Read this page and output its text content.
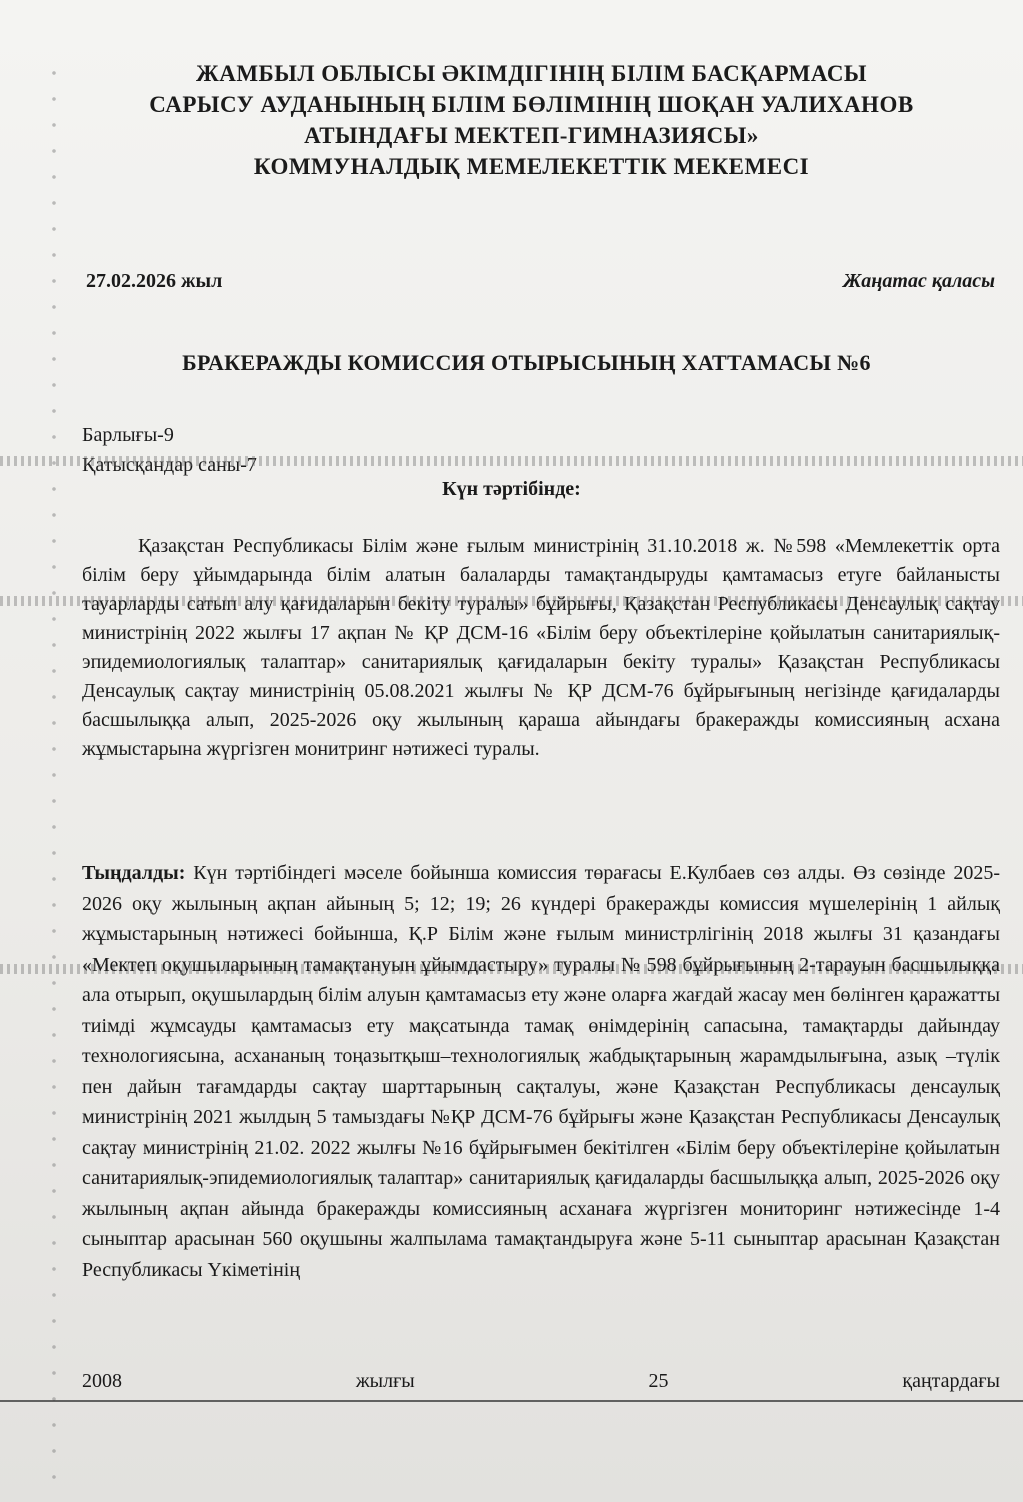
ЖАМБЫЛ ОБЛЫСЫ ӘКІМДІГІНІҢ БІЛІМ БАСҚАРМАСЫ
САРЫСУ АУДАНЫНЫҢ БІЛІМ БӨЛІМІНІҢ ШОҚАН УАЛИХАНОВ
АТЫНДАҒЫ МЕКТЕП-ГИМНАЗИЯСЫ»
КОММУНАЛДЫҚ МЕМЕЛЕКЕТТІК МЕКЕМЕСІ
27.02.2026 жыл	Жаңатас қаласы
БРАКЕРАЖДЫ КОМИССИЯ ОТЫРЫСЫНЫҢ ХАТТАМАСЫ №6
Барлығы-9
Қатысқандар саны-7
Күн тәртібінде:
Қазақстан Республикасы Білім және ғылым министрінің 31.10.2018 ж. №598 «Мемлекеттік орта білім беру ұйымдарында білім алатын балаларды тамақтандыруды қамтамасыз етуге байланысты тауарларды сатып алу қағидаларын бекіту туралы» бұйрығы, Қазақстан Республикасы Денсаулық сақтау министрінің 2022 жылғы 17 ақпан № ҚР ДСМ-16 «Білім беру объектілеріне қойылатын санитариялық-эпидемиологиялық талаптар» санитариялық қағидаларын бекіту туралы» Қазақстан Республикасы Денсаулық сақтау министрінің 05.08.2021 жылғы № ҚР ДСМ-76 бұйрығының негізінде қағидаларды басшылыққа алып, 2025-2026 оқу жылының қараша айындағы бракеражды комиссияның асхана жұмыстарына жүргізген монитринг нәтижесі туралы.
Тыңдалды: Күн тәртібіндегі мәселе бойынша комиссия төрағасы Е.Кулбаев сөз алды. Өз сөзінде 2025-2026 оқу жылының ақпан айының 5; 12; 19; 26 күндері бракеражды комиссия мүшелерінің 1 айлық жұмыстарының нәтижесі бойынша, Қ.Р Білім және ғылым министрлігінің 2018 жылғы 31 қазандағы «Мектеп оқушыларының тамақтануын ұйымдастыру» туралы № 598 бұйрығының 2-тарауын басшылыққа ала отырып, оқушылардың білім алуын қамтамасыз ету және оларға жағдай жасау мен бөлінген қаражатты тиімді жұмсауды қамтамасыз ету мақсатында тамақ өнімдерінің сапасына, тамақтарды дайындау технологиясына, асхананың тоңазытқыш–технологиялық жабдықтарының жарамдылығына, азық –түлік пен дайын тағамдарды сақтау шарттарының сақталуы, және Қазақстан Республикасы денсаулық министрінің 2021 жылдың 5 тамыздағы №ҚР ДСМ-76 бұйрығы және Қазақстан Республикасы Денсаулық сақтау министрінің 21.02. 2022 жылғы №16 бұйрығымен бекітілген «Білім беру объектілеріне қойылатын санитариялық-эпидемиологиялық талаптар» санитариялық қағидаларды басшылыққа алып, 2025-2026 оқу жылының ақпан айында бракеражды комиссияның асханаға жүргізген мониторинг нәтижесінде 1-4 сыныптар арасынан 560 оқушыны жалпылама тамақтандыруға және 5-11 сыныптар арасынан Қазақстан Республикасы Үкіметінің
2008	жылғы	25	қаңтардағы
